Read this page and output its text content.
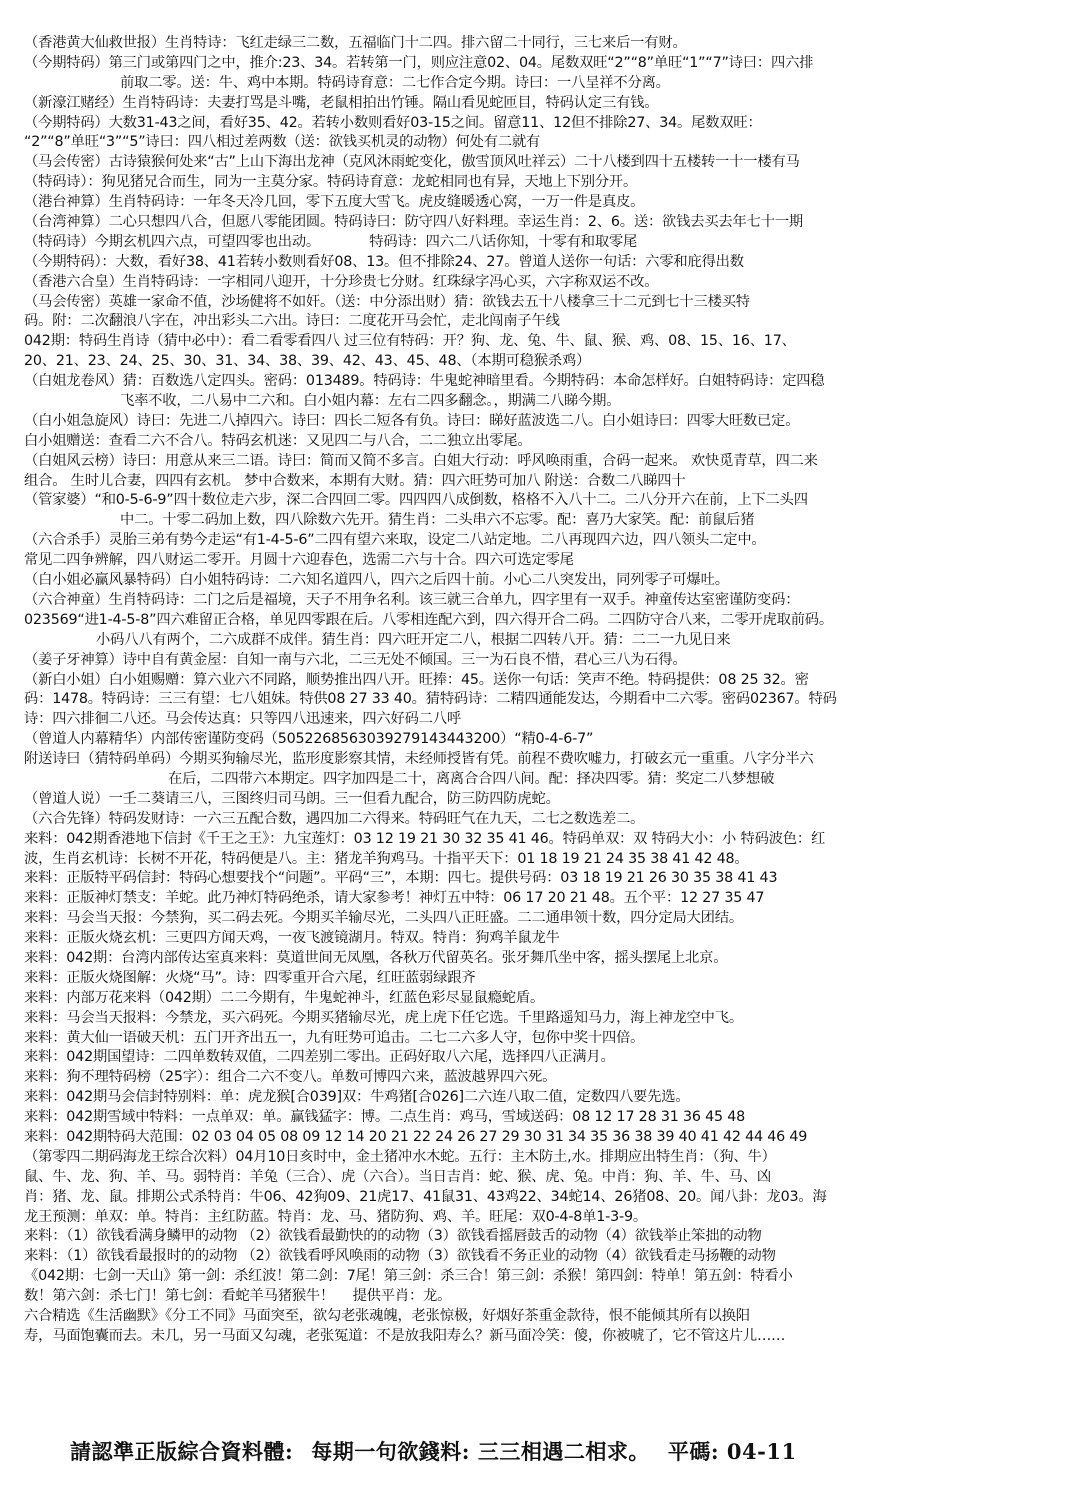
（香港黄大仙救世报）生肖特诗：飞红走绿三二数，五福临门十二四。排六留二十同行，三七来后一有财。
（今期特码）第三门或第四门之中，推介:23、34。若转第一门，则应注意02、04。尾数双旺“2”“8”单旺“1”“7”诗曰：四六排
前取二零。送：牛、鸡中本期。特码诗育意：二七作合定今期。诗曰：一八呈祥不分离。
（新濠江赌经）生肖特码诗：夫妻打骂是斗嘴，老鼠相拍出竹锤。隔山看见蛇匝目，特码认定三有钱。
（今期特码）大数31-43之间，看好35、42。若转小数则看好03-15之间。留意11、12但不排除27、34。尾数双旺：
“2”“8”单旺“3”“5”诗曰：四八相过差两数（送：欲钱买机灵的动物）何处有二就有
（马会传密）古诗猿猴何处来“古”上山下海出龙神（克风沐雨蛇变化，傲雪顶风吐祥云）二十八楼到四十五楼转一十一楼有马
（特码诗）：狗见猪兄合而生，同为一主莫分家。特码诗育意：龙蛇相同也有异，天地上下别分开。
（港台神算）生肖特码诗：一年冬天冷几回，零下五度大雪飞。虎皮缝暖透心窝，一万一件是真皮。
（台湾神算）二心只想四八合，但愿八零能团圆。特码诗曰：防守四八好料理。幸运生肖：2、6。送：欲钱去买去年七十一期
（特码诗）今期玄机四六点，可望四零也出动。　　　　特码诗：四六二八话你知，十零有和取零尾
（今期特码）：大数，看好38、41若转小数则看好08、13。但不排除24、27。曾道人送你一句话：六零和庇得出数
（香港六合皇）生肖特码诗：一字相同八迎开，十分珍贵七分财。红珠绿字冯心买，六字称双运不改。
（马会传密）英雄一家命不值，沙场健将不如奸。（送：中分添出财）猜：欲钱去五十八楼拿三十二元到七十三楼买特
码。附：二次翻浪八字在，冲出彩头二六出。诗曰：二度花开马会忙，走北闯南子午线
042期：特码生肖诗（猜中必中）：看二看零看四八 过三位有特码：开？狗、龙、兔、牛、鼠、猴、鸡、08、15、16、17、
20、21、23、24、25、30、31、34、38、39、42、43、45、48、（本期可稳猴杀鸡）
（白姐龙卷风）猜：百数选八定四头。密码：013489。特码诗：牛鬼蛇神暗里看。今期特码：本命怎样好。白姐特码诗：定四稳
飞率不收，二八易中二六和。白小姐内幕：左右二四多翻念。，期满二八睇今期。
（白小姐急旋风）诗曰：先进二八掉四六。诗曰：四长二短各有负。诗曰：睇好蓝波选二八。白小姐诗曰：四零大旺数已定。
白小姐赠送：查看二六不合八。特码玄机迷：又见四二与八合，二二独立出零尾。
（白姐风云榜）诗曰：用意从来三二语。诗曰：简而又简不多言。白姐大行动：呼风唤雨重，合码一起来。 欢快觅青草，四二来
组合。 生时儿合妻，四四有玄机。 梦中合数来，本期有大财。猜：四六旺势可加八 附送：合数二八睇四十
（管家婆）“和0-5-6-9”四十数位走六步，深二合四回二零。四四四八成倒数，格格不入八十二。二八分开六在前，上下二头四
中二。十零二码加上数，四八除数六先开。猜生肖：二头串六不忘零。配：喜乃大家笑。配：前鼠后猪
（六合杀手）灵胎三弟有势今走运“有1-4-5-6”二四有望六来取，设定二八站定地。二八再现四六边，四八领头二定中。
常见二四争辨解，四八财运二零开。月圆十六迎春色，选需二六与十合。四六可选定零尾
（白小姐必赢风暴特码）白小姐特码诗：二六知名道四八，四六之后四十前。小心二八突发出，同列零子可爆吐。
（六合神童）生肖特码诗：二门之后是福境，天子不用争名利。该三就三合单九，四字里有一双手。神童传达室密谨防变码：
023569“进1-4-5-8”四六难留正合格，单见四零跟在后。八零相连配六到，四六得开合二码。二四防守合八来，二零开虎取前码。
小码八八有两个，二六成群不成伴。猜生肖：四六旺开定二八，根据二四转八开。猜：二二一九见日来
（姜子牙神算）诗中自有黄金屋：自知一南与六北，二三无处不倾国。三一为石良不惜，君心三八为石得。
（新白小姐）白小姐赐赠：算六业六不同路，顺势推出四八开。旺捧：45。送你一句话：笑声不绝。特码提供：08 25 32。密
码：1478。特码诗：三三有望：七八姐妹。特供08 27 33 40。猜特码诗：二精四通能发达，今期看中二六零。密码02367。特码
诗：四六排徊二八还。马会传达真：只等四八迅速来，四六好码二八呼
（曾道人内幕精华）内部传密谨防变码（5052268563039279143443200）“精0-4-6-7”
附送诗曰（猜特码单码）今期买狗输尽光，监形度影察其情，未经师授皆有凭。前程不费吹嘘力，打破玄元一重重。八字分半六
在后，二四带六本期定。四字加四是二十，离离合合四八间。配：择决四零。猜：奖定二八梦想破
（曾道人说）一壬二葵请三八，三图终归司马朗。三一但看九配合，防三防四防虎蛇。
（六合先锋）特码发财诗：一六三五配合数，遇四加二六得来。特码旺气在九天，二七之数选差二。
来料：042期香港地下信封《千王之王》：九宝莲灯：03 12 19 21 30 32 35 41 46。特码单双：双 特码大小：小 特码波色：红
波，生肖玄机诗：长树不开花，特码便是八。主：猪龙羊狗鸡马。十指平天下：01 18 19 21 24 35 38 41 42 48。
来料：正版特平码信封：特码心想要找个“问题”。平码“三”，本期：四七。提供号码：03 18 19 21 26 30 35 38 41 43
来料：正版神灯禁支：羊蛇。此乃神灯特码绝杀，请大家参考！神灯五中特：06 17 20 21 48。五个平：12 27 35 47
来料：马会当天报：今禁狗，买二码去死。今期买羊输尽光，二头四八正旺盛。二二通串领十数，四分定局大团结。
来料：正版火烧玄机：三更四方闻天鸡，一夜飞渡镜湖月。特双。特肖：狗鸡羊鼠龙牛
来料：042期：台湾内部传达室真来料：莫道世间无凤凰，各秋万代留英名。张牙舞爪坐中客，摇头摆尾上北京。
来料：正版火烧图解：火烧“马”。诗：四零重开合六尾，红旺蓝弱绿跟齐
来料：内部万花来料（042期）二二今期有，牛鬼蛇神斗，红蓝色彩尽显鼠瘾蛇盾。
来料：马会当天报料：今禁龙，买六码死。今期买猪输尽光，虎上虎下任它选。千里路遥知马力，海上神龙空中飞。
来料：黄大仙一语破天机：五门开齐出五一，九有旺势可追击。二七二六多人守，包你中奖十四倍。
来料：042期国望诗：二四单数转双值，二四差别二零出。正码好取八六尾，选择四八正满月。
来料：狗不理特码榜（25字）：组合二六不变八。单数可博四六来，蓝波越界四六死。
来料：042期马会信封特别料：单：虎龙猴[合039]双：牛鸡猪[合026]二六连八取二值，定数四八要先选。
来料：042期雪域中特料：一点单双：单。赢钱猛字：博。二点生肖：鸡马，雪域送码：08 12 17 28 31 36 45 48
来料：042期特码大范围：02 03 04 05 08 09 12 14 20 21 22 24 26 27 29 30 31 34 35 36 38 39 40 41 42 44 46 49
（第零四二期码海龙王综合次料）04月10日亥时中，金土猪冲水木蛇。五行：主木防土,水。排期应出特生肖：（狗、牛）
鼠、牛、龙、狗、羊、马。弱特肖：羊兔（三合）、虎（六合）。当日吉肖：蛇、猴、虎、兔。中肖：狗、羊、牛、马、凶
肖：猪、龙、鼠。排期公式杀特肖：牛06、42狗09、21虎17、41鼠31、43鸡22、34蛇14、26猪08、20。闻八卦：龙03。海
龙王预测：单双：单。特肖：主红防蓝。特肖：龙、马、猪防狗、鸡、羊。旺尾：双0-4-8单1-3-9。
来料：（1）欲钱看满身鳞甲的动物 （2）欲钱看最勤快的的动物（3）欲钱看摇唇鼓舌的动物（4）欲钱举止笨拙的动物
来料：（1）欲钱看最报时的的动物 （2）欲钱看呼风唤雨的动物（3）欲钱看不务正业的动物（4）欲钱看走马扬鞭的动物
《042期：七剑一天山》第一剑：杀红波！第二剑：7尾！第三剑：杀三合！第三剑：杀猴！第四剑：特单！第五剑：特看小
数！第六剑：杀七门！第七剑：看蛇羊马猪猴牛！　 提供平肖：龙。
六合精选《生活幽默》《分工不同》马面突至，欲勾老张魂魄，老张惊极，好烟好茶重金款待，恨不能倾其所有以换阳
寿，马面饱囊而去。未几，另一马面又勾魂，老张冤道：不是放我阳寿么？新马面冷笑：傻，你被唬了，它不管这片儿……
請認準正版綜合資料體: 每期一句欲錢料: 三三相遇二相求。 平碼: 04-11
